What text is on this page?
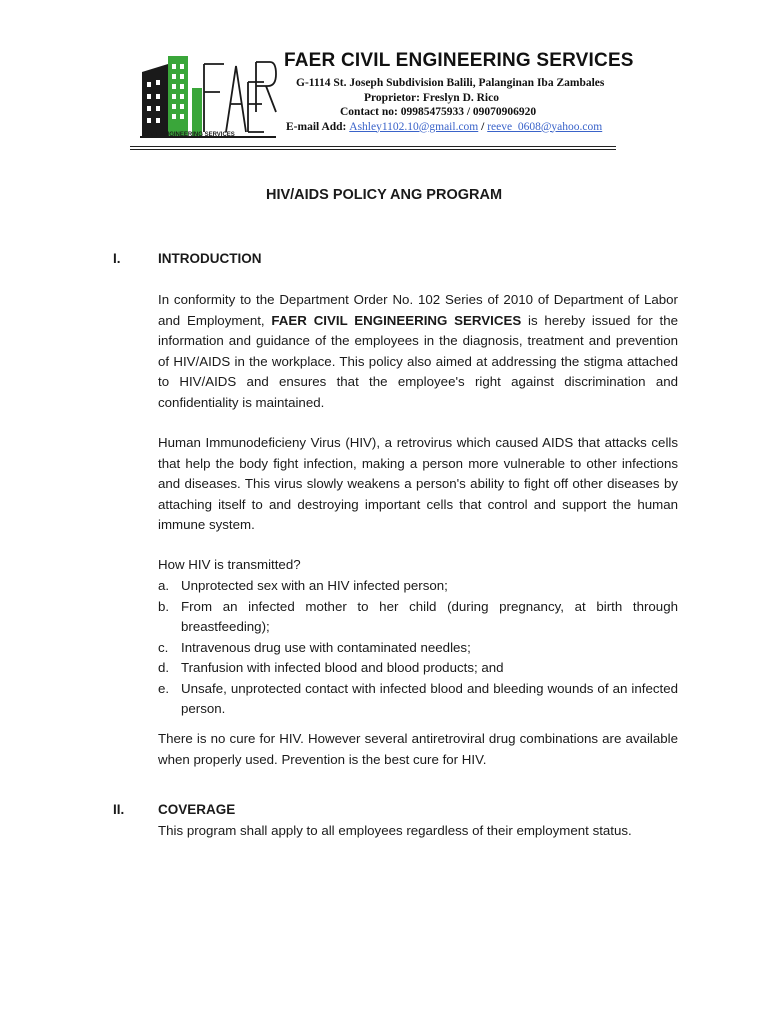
CIVIL ENGINEERING SERVICES
FAER CIVIL ENGINEERING SERVICES
G-1114 St. Joseph Subdivision Balili, Palanginan Iba Zambales
Proprietor: Freslyn D. Rico
Contact no: 09985475933 / 09070906920
E-mail Add: Ashley1102.10@gmail.com / reeve_0608@yahoo.com
HIV/AIDS POLICY ANG PROGRAM
I.	INTRODUCTION

In conformity to the Department Order No. 102 Series of 2010 of Department of Labor and Employment, FAER CIVIL ENGINEERING SERVICES is hereby issued for the information and guidance of the employees in the diagnosis, treatment and prevention of HIV/AIDS in the workplace. This policy also aimed at addressing the stigma attached to HIV/AIDS and ensures that the employee's right against discrimination and confidentiality is maintained.

Human Immunodeficieny Virus (HIV), a retrovirus which caused AIDS that attacks cells that help the body fight infection, making a person more vulnerable to other infections and diseases. This virus slowly weakens a person's ability to fight off other diseases by attaching itself to and destroying important cells that control and support the human immune system.

How HIV is transmitted?

a. Unprotected sex with an HIV infected person;
b. From an infected mother to her child (during pregnancy, at birth through breastfeeding);
c. Intravenous drug use with contaminated needles;
d. Tranfusion with infected blood and blood products; and
e. Unsafe, unprotected contact with infected blood and bleeding wounds of an infected person.

There is no cure for HIV. However several antiretroviral drug combinations are available when properly used. Prevention is the best cure for HIV.

II. COVERAGE

This program shall apply to all employees regardless of their employment status.
